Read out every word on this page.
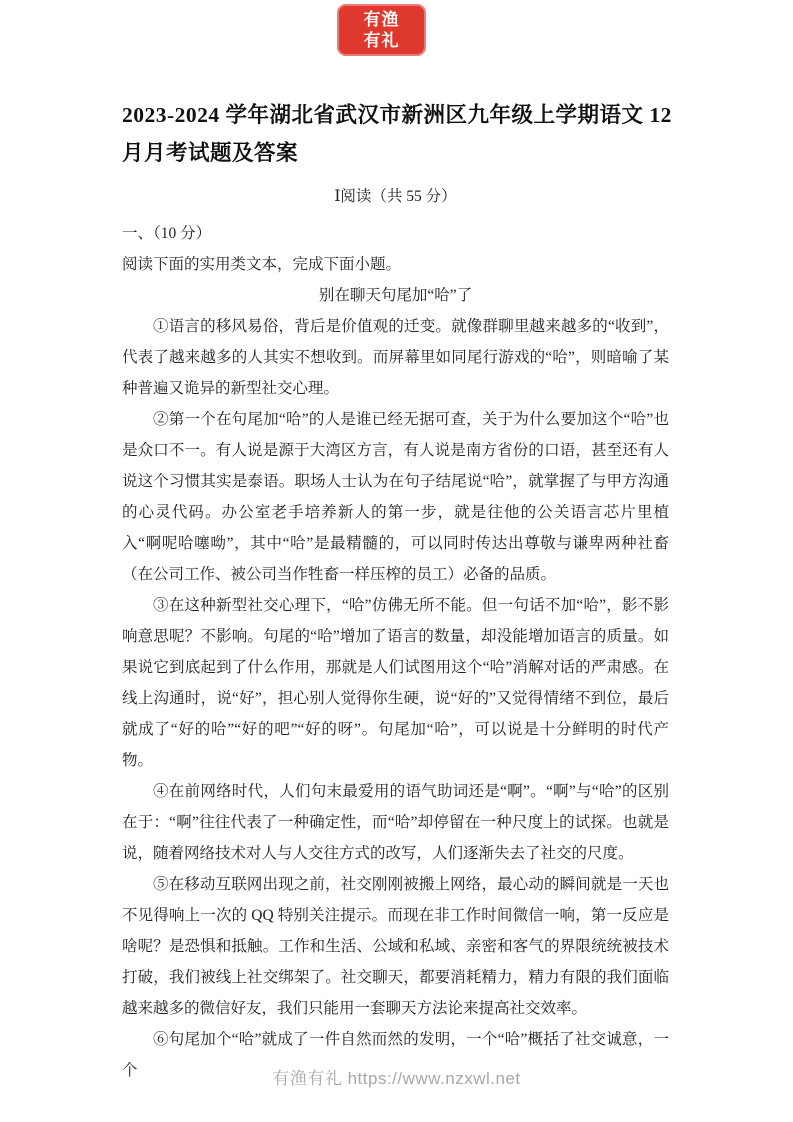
有渔有礼
2023-2024 学年湖北省武汉市新洲区九年级上学期语文 12
月月考试题及答案
Ⅰ阅读（共 55 分）
一、（10 分）
阅读下面的实用类文本，完成下面小题。
别在聊天句尾加“哈”了

①语言的移风易俗，背后是价值观的迁变。就像群聊里越来越多的“收到”，代表了越来越多的人其实不想收到。而屏幕里如同尾行游戏的“哈”，则暗喻了某种普遍又诡异的新型社交心理。

②第一个在句尾加“哈”的人是谁已经无据可查，关于为什么要加这个“哈”也是众口不一。有人说是源于大湾区方言，有人说是南方省份的口语，甚至还有人说这个习惯其实是泰语。职场人士认为在句子结尾说“哈”，就掌握了与甲方沟通的心灵代码。办公室老手培养新人的第一步，就是往他的公关语言芯片里植入“啊呢哈噻呦”，其中“哈”是最精髓的，可以同时传达出尊敬与谦卑两种社畜（在公司工作、被公司当作牲畜一样压榨的员工）必备的品质。

③在这种新型社交心理下，“哈”仿佛无所不能。但一句话不加“哈”，影不影响意思呢？不影响。句尾的“哈”增加了语言的数量，却没能增加语言的质量。如果说它到底起到了什么作用，那就是人们试图用这个“哈”消解对话的严肃感。在线上沟通时，说“好”，担心别人觉得你生硬，说“好的”又觉得情绪不到位，最后就成了“好的哈”“好的吧”“好的呀”。句尾加“哈”，可以说是十分鲜明的时代产物。

④在前网络时代，人们句末最爱用的语气助词还是“啊”。“啊”与“哈”的区别在于：“啊”往往代表了一种确定性，而“哈”却停留在一种尺度上的试探。也就是说，随着网络技术对人与人交往方式的改写，人们逐渐失去了社交的尺度。

⑤在移动互联网出现之前，社交刚刚被搬上网络，最心动的瞬间就是一天也不见得响上一次的 QQ 特别关注提示。而现在非工作时间微信一响，第一反应是啥呢？是恐惧和抵触。工作和生活、公域和私域、亲密和客气的界限统统被技术打破，我们被线上社交绑架了。社交聊天，都要消耗精力，精力有限的我们面临越来越多的微信好友，我们只能用一套聊天方法论来提高社交效率。

⑥句尾加个“哈”就成了一件自然而然的发明，一个“哈”概括了社交诚意，一个	有渔有礼 https://www.nzxwl.net
